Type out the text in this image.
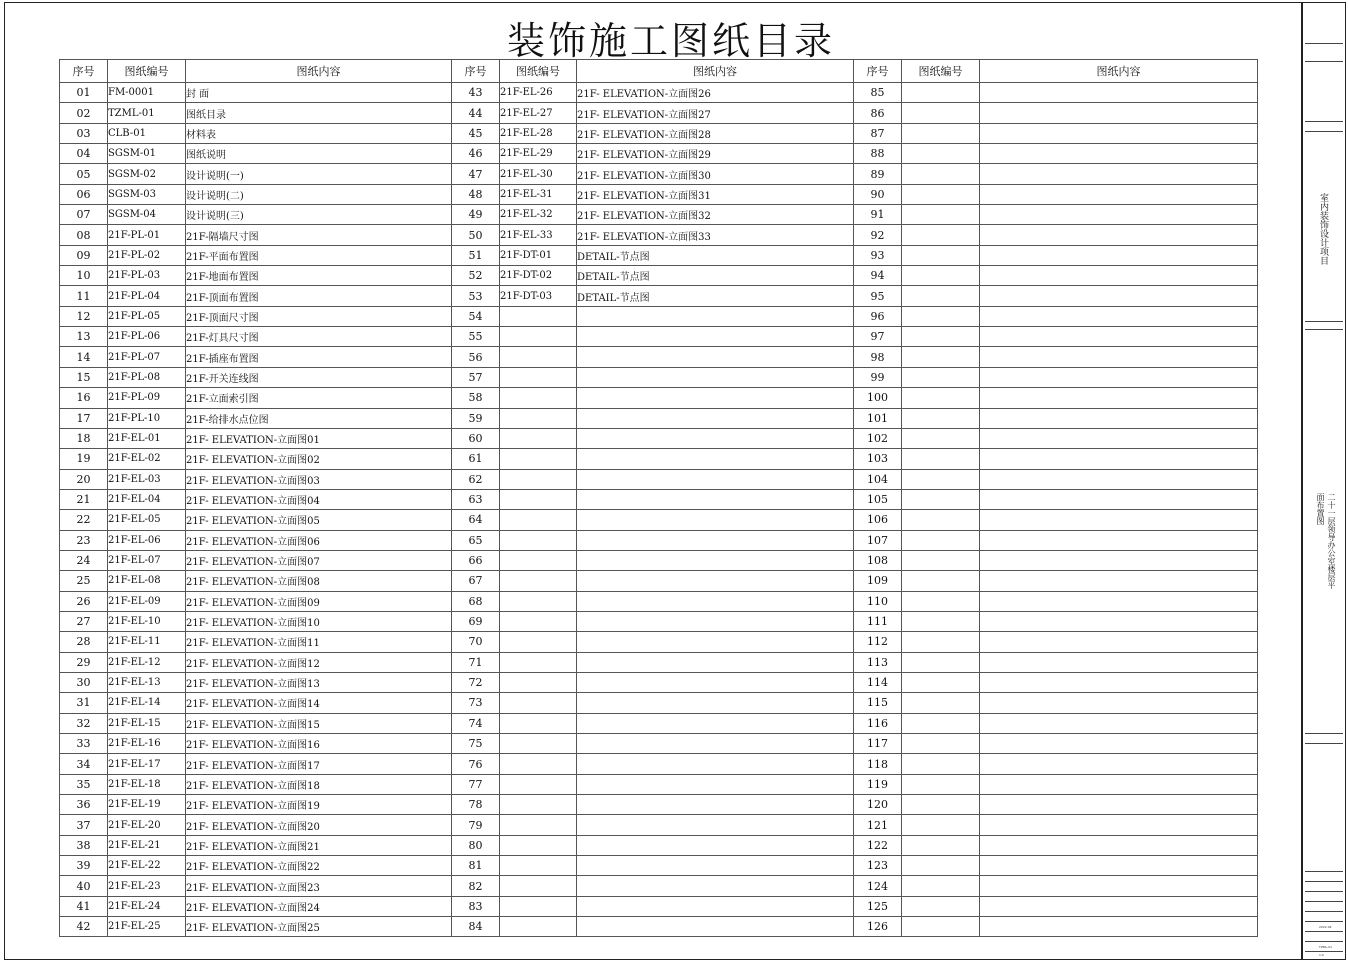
装饰施工图纸目录
序号	图纸编号	图纸内容	序号	图纸编号	图纸内容	序号	图纸编号	图纸内容
01	FM-0001	封 面	43	21F-EL-26	21F- ELEVATION-立面图26	85		
02	TZML-01	图纸目录	44	21F-EL-27	21F- ELEVATION-立面图27	86		
03	CLB-01	材料表	45	21F-EL-28	21F- ELEVATION-立面图28	87		
04	SGSM-01	图纸说明	46	21F-EL-29	21F- ELEVATION-立面图29	88		
05	SGSM-02	设计说明(一)	47	21F-EL-30	21F- ELEVATION-立面图30	89		
06	SGSM-03	设计说明(二)	48	21F-EL-31	21F- ELEVATION-立面图31	90		
07	SGSM-04	设计说明(三)	49	21F-EL-32	21F- ELEVATION-立面图32	91		
08	21F-PL-01	21F-隔墙尺寸图	50	21F-EL-33	21F- ELEVATION-立面图33	92		
09	21F-PL-02	21F-平面布置图	51	21F-DT-01	DETAIL-节点图	93		
10	21F-PL-03	21F-地面布置图	52	21F-DT-02	DETAIL-节点图	94		
11	21F-PL-04	21F-顶面布置图	53	21F-DT-03	DETAIL-节点图	95		
12	21F-PL-05	21F-顶面尺寸图	54			96		
13	21F-PL-06	21F-灯具尺寸图	55			97		
14	21F-PL-07	21F-插座布置图	56			98		
15	21F-PL-08	21F-开关连线图	57			99		
16	21F-PL-09	21F-立面索引图	58			100		
17	21F-PL-10	21F-给排水点位图	59			101		
18	21F-EL-01	21F- ELEVATION-立面图01	60			102		
19	21F-EL-02	21F- ELEVATION-立面图02	61			103		
20	21F-EL-03	21F- ELEVATION-立面图03	62			104		
21	21F-EL-04	21F- ELEVATION-立面图04	63			105		
22	21F-EL-05	21F- ELEVATION-立面图05	64			106		
23	21F-EL-06	21F- ELEVATION-立面图06	65			107		
24	21F-EL-07	21F- ELEVATION-立面图07	66			108		
25	21F-EL-08	21F- ELEVATION-立面图08	67			109		
26	21F-EL-09	21F- ELEVATION-立面图09	68			110		
27	21F-EL-10	21F- ELEVATION-立面图10	69			111		
28	21F-EL-11	21F- ELEVATION-立面图11	70			112		
29	21F-EL-12	21F- ELEVATION-立面图12	71			113		
30	21F-EL-13	21F- ELEVATION-立面图13	72			114		
31	21F-EL-14	21F- ELEVATION-立面图14	73			115		
32	21F-EL-15	21F- ELEVATION-立面图15	74			116		
33	21F-EL-16	21F- ELEVATION-立面图16	75			117		
34	21F-EL-17	21F- ELEVATION-立面图17	76			118		
35	21F-EL-18	21F- ELEVATION-立面图18	77			119		
36	21F-EL-19	21F- ELEVATION-立面图19	78			120		
37	21F-EL-20	21F- ELEVATION-立面图20	79			121		
38	21F-EL-21	21F- ELEVATION-立面图21	80			122		
39	21F-EL-22	21F- ELEVATION-立面图22	81			123		
40	21F-EL-23	21F- ELEVATION-立面图23	82			124		
41	21F-EL-24	21F- ELEVATION-立面图24	83			125		
42	21F-EL-25	21F- ELEVATION-立面图25	84			126		
室内装饰设计项目
二十一层领导办公室楼层平面布置图
2022-04
TZML-01
1:0
